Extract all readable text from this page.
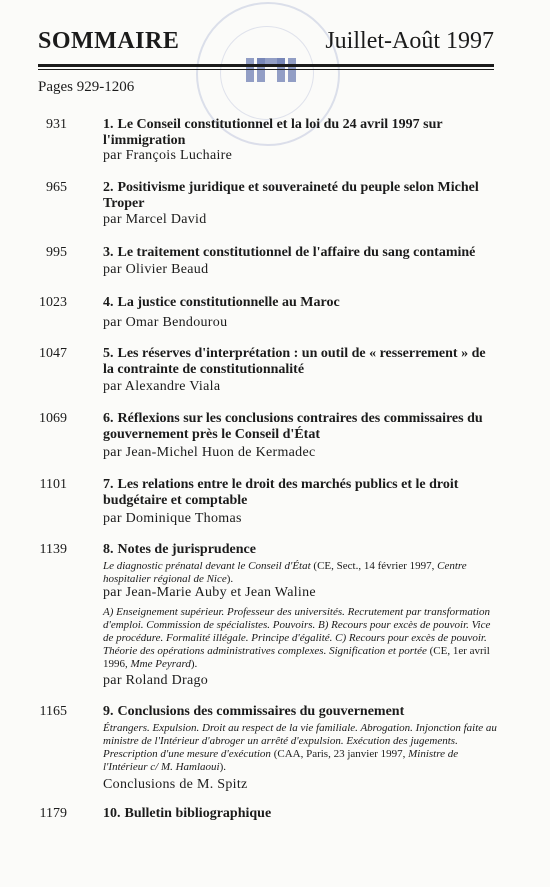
SOMMAIRE	Juillet-Août 1997
Pages 929-1206
931	1. Le Conseil constitutionnel et la loi du 24 avril 1997 sur l'immigration
par François Luchaire
965	2. Positivisme juridique et souveraineté du peuple selon Michel Troper
par Marcel David
995	3. Le traitement constitutionnel de l'affaire du sang contaminé
par Olivier Beaud
1023	4. La justice constitutionnelle au Maroc
par Omar Bendourou
1047	5. Les réserves d'interprétation : un outil de « resserrement » de la contrainte de constitutionnalité
par Alexandre Viala
1069	6. Réflexions sur les conclusions contraires des commissaires du gouvernement près le Conseil d'État
par Jean-Michel Huon de Kermadec
1101	7. Les relations entre le droit des marchés publics et le droit budgétaire et comptable
par Dominique Thomas
1139	8. Notes de jurisprudence
Le diagnostic prénatal devant le Conseil d'État (CE, Sect., 14 février 1997, Centre hospitalier régional de Nice).
par Jean-Marie Auby et Jean Waline
A) Enseignement supérieur. Professeur des universités. Recrutement par transformation d'emploi. Commission de spécialistes. Pouvoirs. B) Recours pour excès de pouvoir. Vice de procédure. Formalité illégale. Principe d'égalité. C) Recours pour excès de pouvoir. Théorie des opérations administratives complexes. Signification et portée (CE, 1er avril 1996, Mme Peyrard).
par Roland Drago
1165	9. Conclusions des commissaires du gouvernement
Étrangers. Expulsion. Droit au respect de la vie familiale. Abrogation. Injonction faite au ministre de l'Intérieur d'abroger un arrêté d'expulsion. Exécution des jugements. Prescription d'une mesure d'exécution (CAA, Paris, 23 janvier 1997, Ministre de l'Intérieur c/ M. Hamlaoui).
Conclusions de M. Spitz
1179	10. Bulletin bibliographique
